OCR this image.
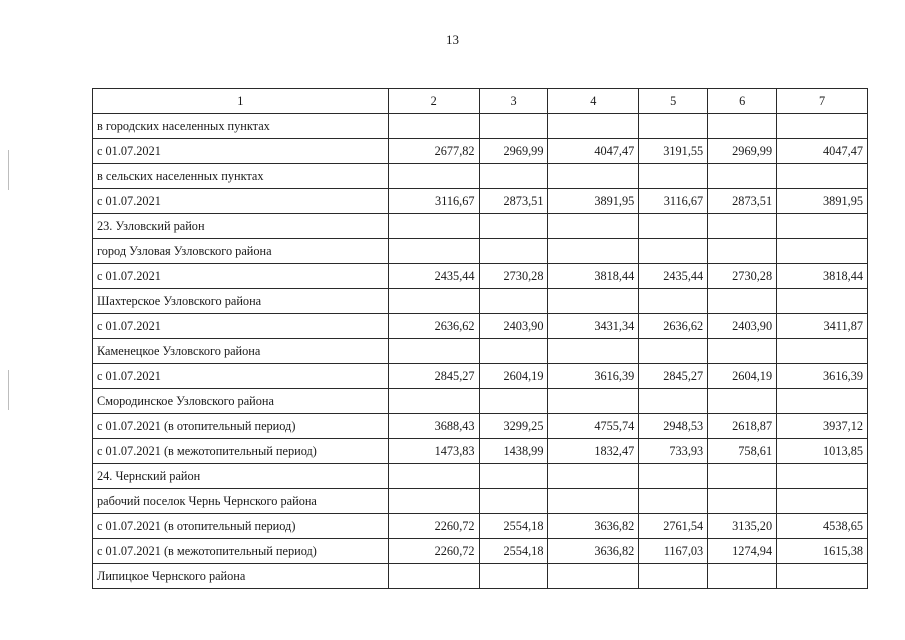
13
1	2	3	4	5	6	7
в городских населенных пунктах						
с 01.07.2021	2677,82	2969,99	4047,47	3191,55	2969,99	4047,47
в сельских населенных пунктах						
с 01.07.2021	3116,67	2873,51	3891,95	3116,67	2873,51	3891,95
23. Узловский район						
город Узловая Узловского района						
с 01.07.2021	2435,44	2730,28	3818,44	2435,44	2730,28	3818,44
Шахтерское Узловского района						
с 01.07.2021	2636,62	2403,90	3431,34	2636,62	2403,90	3411,87
Каменецкое Узловского района						
с 01.07.2021	2845,27	2604,19	3616,39	2845,27	2604,19	3616,39
Смородинское Узловского района						
с 01.07.2021 (в отопительный период)	3688,43	3299,25	4755,74	2948,53	2618,87	3937,12
с 01.07.2021 (в межотопительный период)	1473,83	1438,99	1832,47	733,93	758,61	1013,85
24. Чернский район						
рабочий поселок Чернь Чернского района						
с 01.07.2021 (в отопительный период)	2260,72	2554,18	3636,82	2761,54	3135,20	4538,65
с 01.07.2021 (в межотопительный период)	2260,72	2554,18	3636,82	1167,03	1274,94	1615,38
Липицкое Чернского района						
